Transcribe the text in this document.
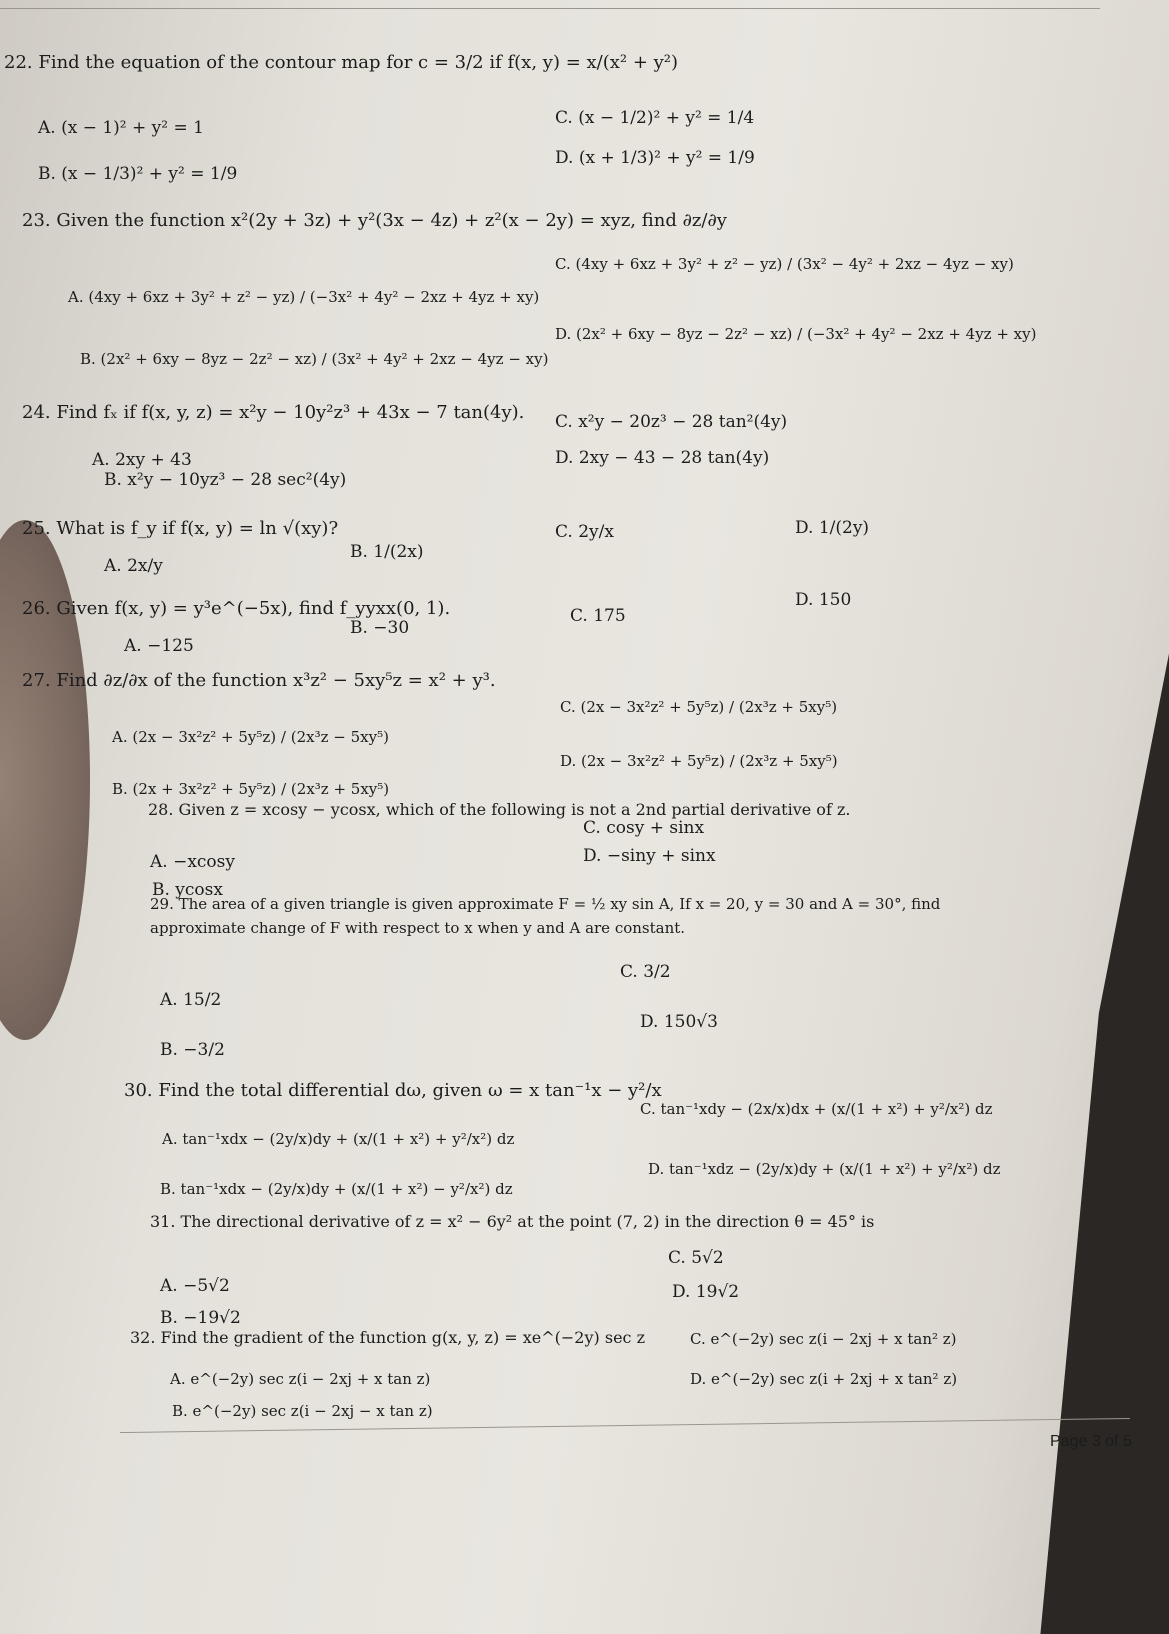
22. Find the equation of the contour map for c = 3/2 if f(x, y) = x/(x² + y²)
A. (x − 1)² + y² = 1
B. (x − 1/3)² + y² = 1/9
C. (x − 1/2)² + y² = 1/4
D. (x + 1/3)² + y² = 1/9
23. Given the function x²(2y + 3z) + y²(3x − 4z) + z²(x − 2y) = xyz, find ∂z/∂y
A. (4xy + 6xz + 3y² + z² − yz) / (−3x² + 4y² − 2xz + 4yz + xy)
B. (2x² + 6xy − 8yz − 2z² − xz) / (3x² + 4y² + 2xz − 4yz − xy)
C. (4xy + 6xz + 3y² + z² − yz) / (3x² − 4y² + 2xz − 4yz − xy)
D. (2x² + 6xy − 8yz − 2z² − xz) / (−3x² + 4y² − 2xz + 4yz + xy)
24. Find fₓ if f(x, y, z) = x²y − 10y²z³ + 43x − 7 tan(4y).
A. 2xy + 43
B. x²y − 10yz³ − 28 sec²(4y)
C. x²y − 20z³ − 28 tan²(4y)
D. 2xy − 43 − 28 tan(4y)
25. What is f_y if f(x, y) = ln √(xy)?
A. 2x/y
B. 1/(2x)
C. 2y/x	D. 1/(2y)
26. Given f(x, y) = y³e^(−5x), find f_yyxx(0, 1).
A. −125
B. −30
C. 175
D. 150
27. Find ∂z/∂x of the function x³z² − 5xy⁵z = x² + y³.
A. (2x − 3x²z² + 5y⁵z) / (2x³z − 5xy⁵)
B. (2x + 3x²z² + 5y⁵z) / (2x³z + 5xy⁵)
C. (2x − 3x²z² + 5y⁵z) / (2x³z + 5xy⁵)
D. (2x − 3x²z² + 5y⁵z) / (2x³z + 5xy⁵)
28. Given z = xcosy − ycosx, which of the following is not a 2nd partial derivative of z.
A. −xcosy
B. ycosx
C. cosy + sinx
D. −siny + sinx
29. The area of a given triangle is given approximate F = ½ xy sin A, If x = 20, y = 30 and A = 30°, find approximate change of F with respect to x when y and A are constant.
A. 15/2
B. −3/2
C. 3/2
D. 150√3
30. Find the total differential dω, given ω = x tan⁻¹x − y²/x
A. tan⁻¹xdx − (2y/x)dy + (x/(1 + x²) + y²/x²) dz
B. tan⁻¹xdx − (2y/x)dy + (x/(1 + x²) − y²/x²) dz
C. tan⁻¹xdy − (2x/x)dx + (x/(1 + x²) + y²/x²) dz
D. tan⁻¹xdz − (2y/x)dy + (x/(1 + x²) + y²/x²) dz
31. The directional derivative of z = x² − 6y² at the point (7, 2) in the direction θ = 45° is
A. −5√2
B. −19√2
C. 5√2
D. 19√2
32. Find the gradient of the function g(x, y, z) = xe^(−2y) sec z
A. e^(−2y) sec z(i − 2xj + x tan z)
B. e^(−2y) sec z(i − 2xj − x tan z)
C. e^(−2y) sec z(i − 2xj + x tan² z)
D. e^(−2y) sec z(i + 2xj + x tan² z)
Page 3 of 5
